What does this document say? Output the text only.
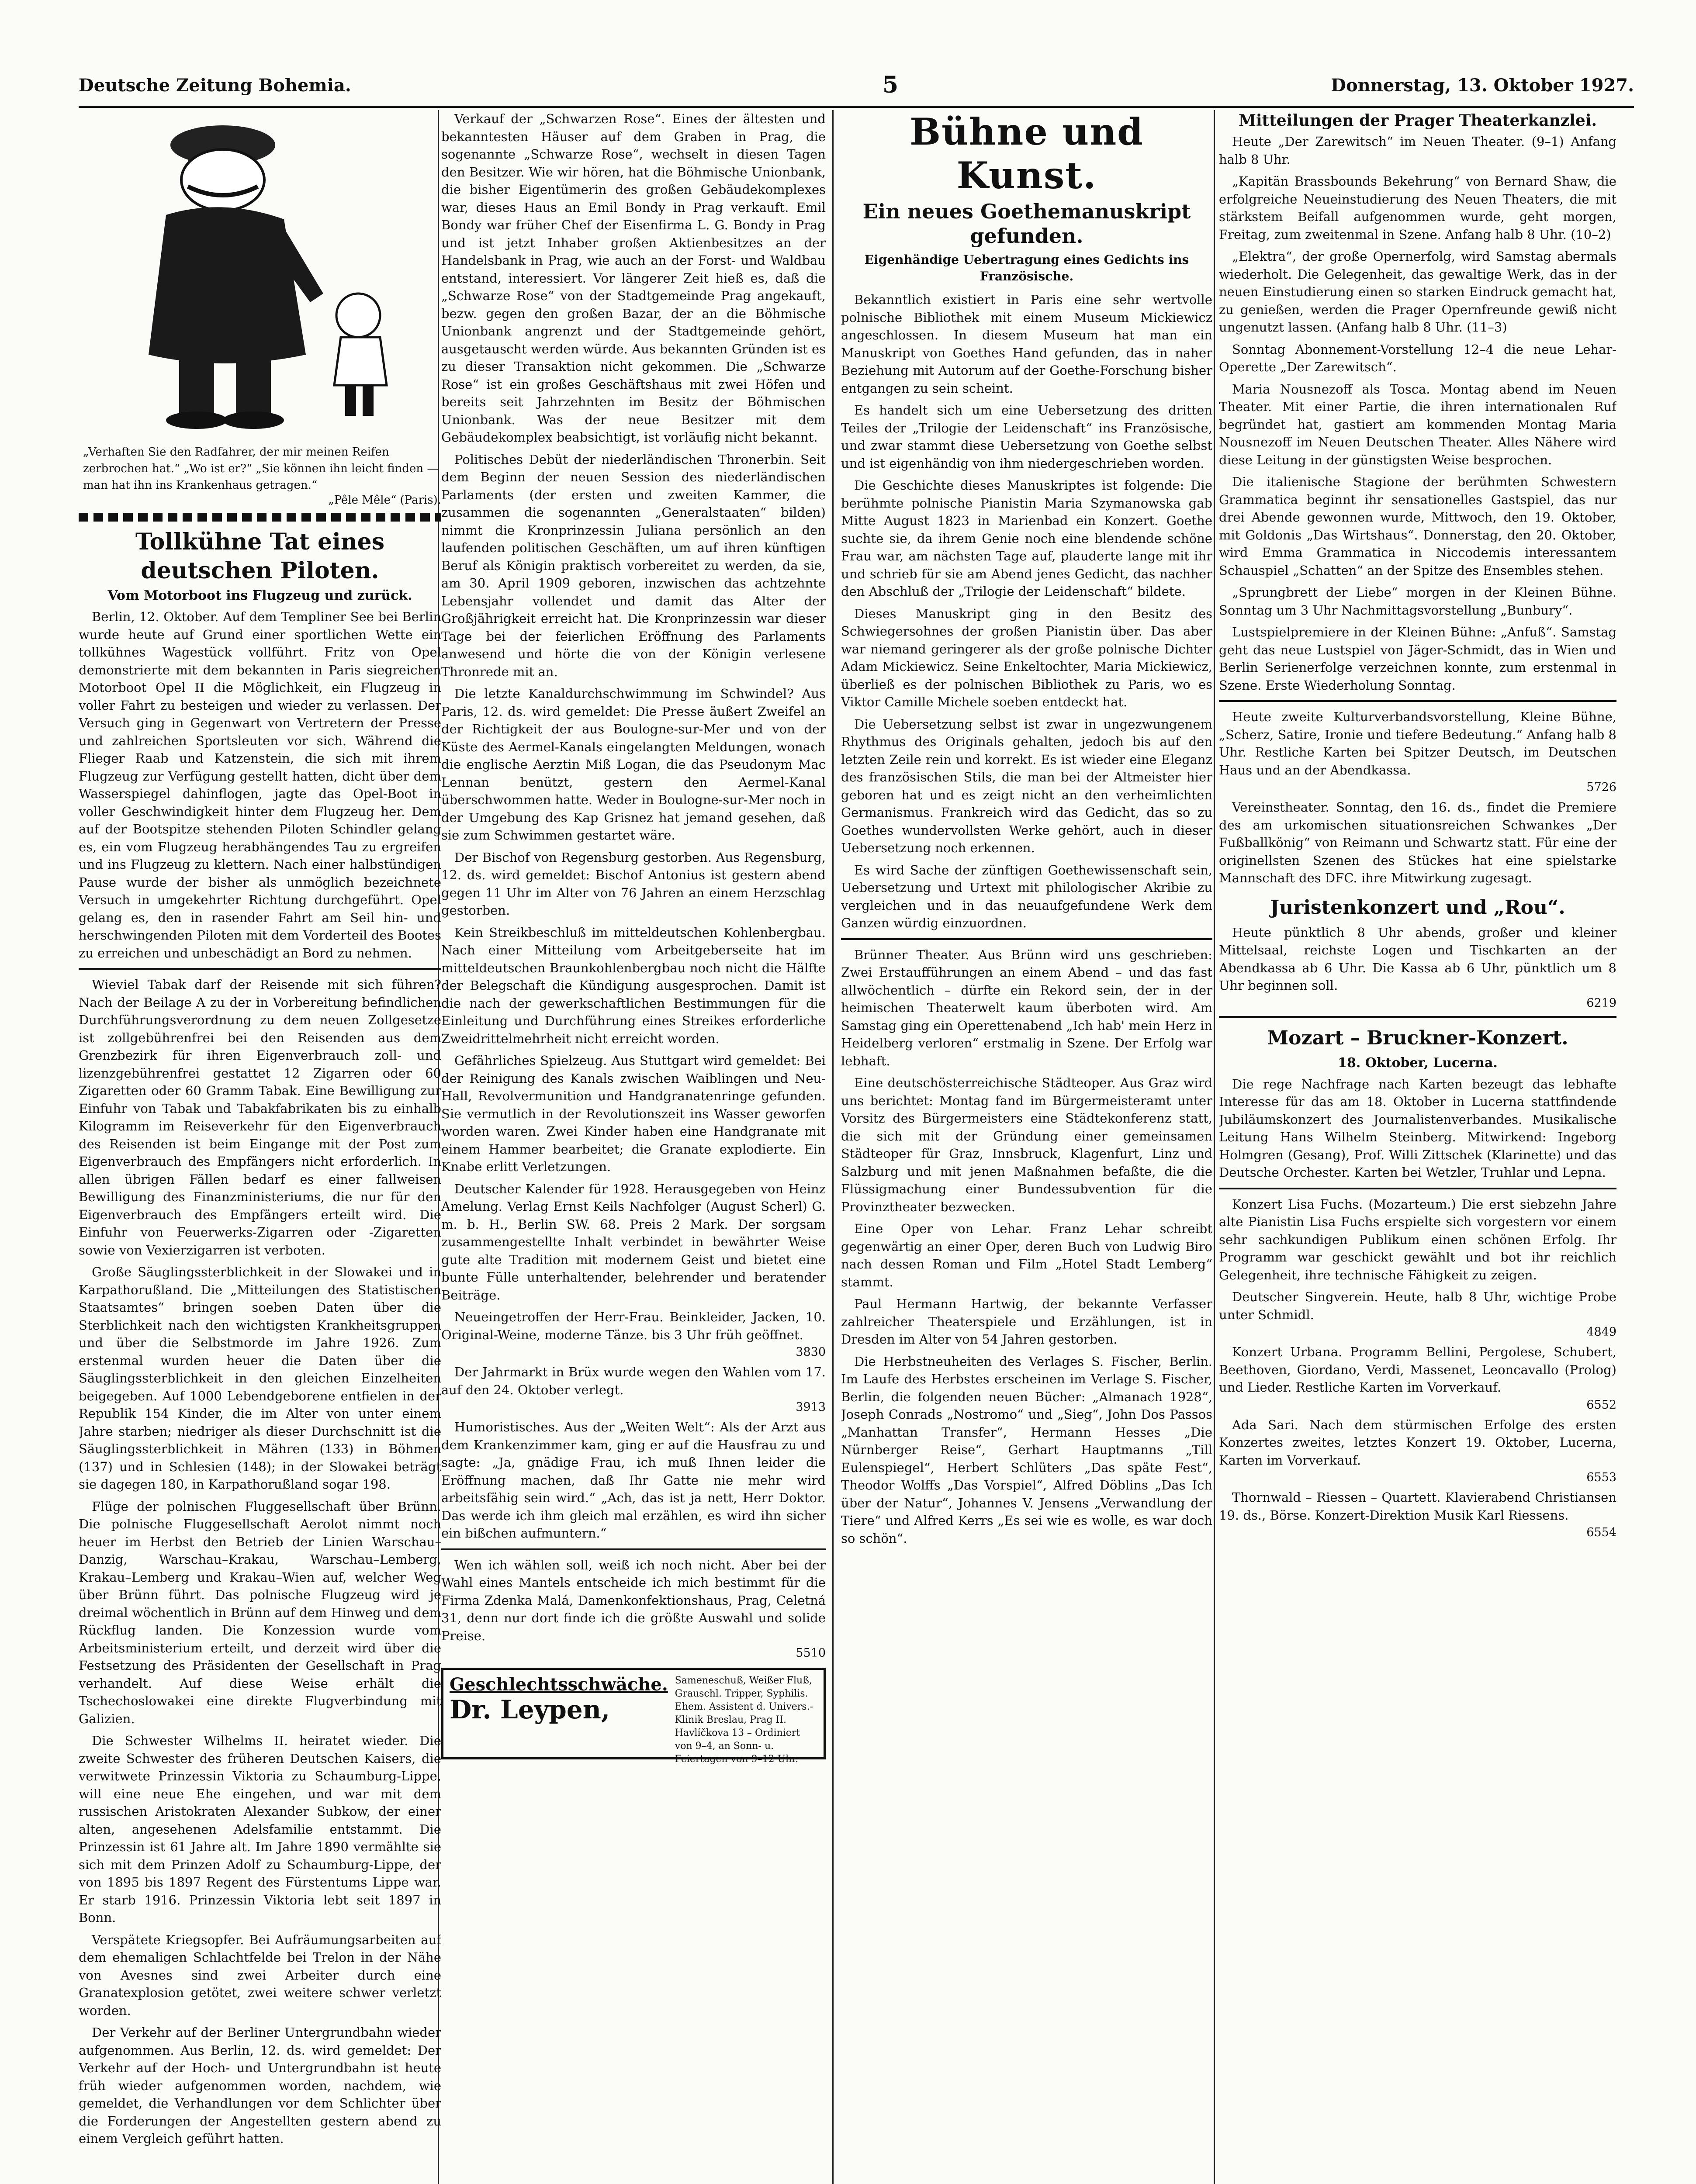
Deutsche Zeitung Bohemia.	5	Donnerstag, 13. Oktober 1927.
„Verhaften Sie den Radfahrer, der mir meinen Reifen zerbrochen hat.“ „Wo ist er?“ „Sie können ihn leicht finden — man hat ihn ins Krankenhaus getragen.“
„Pêle Mêle“ (Paris).
Tollkühne Tat eines deutschen Piloten.
Vom Motorboot ins Flugzeug und zurück.

Berlin, 12. Oktober. Auf dem Templiner See bei Berlin wurde heute auf Grund einer sportlichen Wette ein tollkühnes Wagestück vollführt. Fritz von Opel demonstrierte mit dem bekannten in Paris siegreichen Motorboot Opel II die Möglichkeit, ein Flugzeug in voller Fahrt zu besteigen und wieder zu verlassen. Der Versuch ging in Gegenwart von Vertretern der Presse und zahlreichen Sportsleuten vor sich. Während die Flieger Raab und Katzenstein, die sich mit ihrem Flugzeug zur Verfügung gestellt hatten, dicht über dem Wasserspiegel dahinflogen, jagte das Opel-Boot in voller Geschwindigkeit hinter dem Flugzeug her. Dem auf der Bootspitze stehenden Piloten Schindler gelang es, ein vom Flugzeug herabhängendes Tau zu ergreifen und ins Flugzeug zu klettern. Nach einer halbstündigen Pause wurde der bisher als unmöglich bezeichnete Versuch in umgekehrter Richtung durchgeführt. Opel gelang es, den in rasender Fahrt am Seil hin- und herschwingenden Piloten mit dem Vorderteil des Bootes zu erreichen und unbeschädigt an Bord zu nehmen.

Wieviel Tabak darf der Reisende mit sich führen? Nach der Beilage A zu der in Vorbereitung befindlichen Durchführungsverordnung zu dem neuen Zollgesetze ist zollgebührenfrei bei den Reisenden aus dem Grenzbezirk für ihren Eigenverbrauch zoll- und lizenzgebührenfrei gestattet 12 Zigarren oder 60 Zigaretten oder 60 Gramm Tabak. Eine Bewilligung zur Einfuhr von Tabak und Tabakfabrikaten bis zu einhalb Kilogramm im Reiseverkehr für den Eigenverbrauch des Reisenden ist beim Eingange mit der Post zum Eigenverbrauch des Empfängers nicht erforderlich. In allen übrigen Fällen bedarf es einer fallweisen Bewilligung des Finanzministeriums, die nur für den Eigenverbrauch des Empfängers erteilt wird. Die Einfuhr von Feuerwerks-Zigarren oder -Zigaretten sowie von Vexierzigarren ist verboten.

Große Säuglingssterblichkeit in der Slowakei und in Karpathorußland. Die „Mitteilungen des Statistischen Staatsamtes“ bringen soeben Daten über die Sterblichkeit nach den wichtigsten Krankheitsgruppen und über die Selbstmorde im Jahre 1926. Zum erstenmal wurden heuer die Daten über die Säuglingssterblichkeit in den gleichen Einzelheiten beigegeben. Auf 1000 Lebendgeborene entfielen in der Republik 154 Kinder, die im Alter von unter einem Jahre starben; niedriger als dieser Durchschnitt ist die Säuglingssterblichkeit in Mähren (133) in Böhmen (137) und in Schlesien (148); in der Slowakei beträgt sie dagegen 180, in Karpathorußland sogar 198.

Flüge der polnischen Fluggesellschaft über Brünn. Die polnische Fluggesellschaft Aerolot nimmt noch heuer im Herbst den Betrieb der Linien Warschau–Danzig, Warschau–Krakau, Warschau–Lemberg, Krakau–Lemberg und Krakau–Wien auf, welcher Weg über Brünn führt. Das polnische Flugzeug wird je dreimal wöchentlich in Brünn auf dem Hinweg und dem Rückflug landen. Die Konzession wurde vom Arbeitsministerium erteilt, und derzeit wird über die Festsetzung des Präsidenten der Gesellschaft in Prag verhandelt. Auf diese Weise erhält die Tschechoslowakei eine direkte Flugverbindung mit Galizien.

Die Schwester Wilhelms II. heiratet wieder. Die zweite Schwester des früheren Deutschen Kaisers, die verwitwete Prinzessin Viktoria zu Schaumburg-Lippe, will eine neue Ehe eingehen, und war mit dem russischen Aristokraten Alexander Subkow, der einer alten, angesehenen Adelsfamilie entstammt. Die Prinzessin ist 61 Jahre alt. Im Jahre 1890 vermählte sie sich mit dem Prinzen Adolf zu Schaumburg-Lippe, der von 1895 bis 1897 Regent des Fürstentums Lippe war. Er starb 1916. Prinzessin Viktoria lebt seit 1897 in Bonn.

Verspätete Kriegsopfer. Bei Aufräumungsarbeiten auf dem ehemaligen Schlachtfelde bei Trelon in der Nähe von Avesnes sind zwei Arbeiter durch eine Granatexplosion getötet, zwei weitere schwer verletzt worden.

Der Verkehr auf der Berliner Untergrundbahn wieder aufgenommen. Aus Berlin, 12. ds. wird gemeldet: Der Verkehr auf der Hoch- und Untergrundbahn ist heute früh wieder aufgenommen worden, nachdem, wie gemeldet, die Verhandlungen vor dem Schlichter über die Forderungen der Angestellten gestern abend zu einem Vergleich geführt hatten.

Verkauf der „Schwarzen Rose“. Eines der ältesten und bekanntesten Häuser auf dem Graben in Prag, die sogenannte „Schwarze Rose“, wechselt in diesen Tagen den Besitzer. Wie wir hören, hat die Böhmische Unionbank, die bisher Eigentümerin des großen Gebäudekomplexes war, dieses Haus an Emil Bondy in Prag verkauft. Emil Bondy war früher Chef der Eisenfirma L. G. Bondy in Prag und ist jetzt Inhaber großen Aktienbesitzes an der Handelsbank in Prag, wie auch an der Forst- und Waldbau entstand, interessiert. Vor längerer Zeit hieß es, daß die „Schwarze Rose“ von der Stadtgemeinde Prag angekauft, bezw. gegen den großen Bazar, der an die Böhmische Unionbank angrenzt und der Stadtgemeinde gehört, ausgetauscht werden würde. Aus bekannten Gründen ist es zu dieser Transaktion nicht gekommen. Die „Schwarze Rose“ ist ein großes Geschäftshaus mit zwei Höfen und bereits seit Jahrzehnten im Besitz der Böhmischen Unionbank. Was der neue Besitzer mit dem Gebäudekomplex beabsichtigt, ist vorläufig nicht bekannt.

Politisches Debüt der niederländischen Thronerbin. Seit dem Beginn der neuen Session des niederländischen Parlaments (der ersten und zweiten Kammer, die zusammen die sogenannten „Generalstaaten“ bilden) nimmt die Kronprinzessin Juliana persönlich an den laufenden politischen Geschäften, um auf ihren künftigen Beruf als Königin praktisch vorbereitet zu werden, da sie, am 30. April 1909 geboren, inzwischen das achtzehnte Lebensjahr vollendet und damit das Alter der Großjährigkeit erreicht hat. Die Kronprinzessin war dieser Tage bei der feierlichen Eröffnung des Parlaments anwesend und hörte die von der Königin verlesene Thronrede mit an.

Die letzte Kanaldurchschwimmung im Schwindel? Aus Paris, 12. ds. wird gemeldet: Die Presse äußert Zweifel an der Richtigkeit der aus Boulogne-sur-Mer und von der Küste des Aermel-Kanals eingelangten Meldungen, wonach die englische Aerztin Miß Logan, die das Pseudonym Mac Lennan benützt, gestern den Aermel-Kanal überschwommen hatte. Weder in Boulogne-sur-Mer noch in der Umgebung des Kap Grisnez hat jemand gesehen, daß sie zum Schwimmen gestartet wäre.

Der Bischof von Regensburg gestorben. Aus Regensburg, 12. ds. wird gemeldet: Bischof Antonius ist gestern abend gegen 11 Uhr im Alter von 76 Jahren an einem Herzschlag gestorben.

Kein Streikbeschluß im mitteldeutschen Kohlenbergbau. Nach einer Mitteilung vom Arbeitgeberseite hat im mitteldeutschen Braunkohlenbergbau noch nicht die Hälfte der Belegschaft die Kündigung ausgesprochen. Damit ist die nach der gewerkschaftlichen Bestimmungen für die Einleitung und Durchführung eines Streikes erforderliche Zweidrittelmehrheit nicht erreicht worden.

Gefährliches Spielzeug. Aus Stuttgart wird gemeldet: Bei der Reinigung des Kanals zwischen Waiblingen und Neu-Hall, Revolvermunition und Handgranatenringe gefunden. Sie vermutlich in der Revolutionszeit ins Wasser geworfen worden waren. Zwei Kinder haben eine Handgranate mit einem Hammer bearbeitet; die Granate explodierte. Ein Knabe erlitt Verletzungen.

Deutscher Kalender für 1928. Herausgegeben von Heinz Amelung. Verlag Ernst Keils Nachfolger (August Scherl) G. m. b. H., Berlin SW. 68. Preis 2 Mark. Der sorgsam zusammengestellte Inhalt verbindet in bewährter Weise gute alte Tradition mit modernem Geist und bietet eine bunte Fülle unterhaltender, belehrender und beratender Beiträge.

Neueingetroffen der Herr-Frau. Beinkleider, Jacken, 10. Original-Weine, moderne Tänze. bis 3 Uhr früh geöffnet.

3830

Der Jahrmarkt in Brüx wurde wegen den Wahlen vom 17. auf den 24. Oktober verlegt.

3913

Humoristisches. Aus der „Weiten Welt“: Als der Arzt aus dem Krankenzimmer kam, ging er auf die Hausfrau zu und sagte: „Ja, gnädige Frau, ich muß Ihnen leider die Eröffnung machen, daß Ihr Gatte nie mehr wird arbeitsfähig sein wird.“ „Ach, das ist ja nett, Herr Doktor. Das werde ich ihm gleich mal erzählen, es wird ihn sicher ein bißchen aufmuntern.“

Wen ich wählen soll, weiß ich noch nicht. Aber bei der Wahl eines Mantels entscheide ich mich bestimmt für die Firma Zdenka Malá, Damenkonfektionshaus, Prag, Celetná 31, denn nur dort finde ich die größte Auswahl und solide Preise.

5510
Geschlechtsschwäche.
Dr. Leypen,
Sameneschuß, Weißer Fluß, Grauschl. Tripper, Syphilis. Ehem. Assistent d. Univers.-Klinik Breslau, Prag II. Havlíčkova 13 – Ordiniert von 9–4, an Sonn- u. Feiertagen von 9–12 Uhr.
Bühne und Kunst.
Ein neues Goethemanuskript gefunden.
Eigenhändige Uebertragung eines Gedichts ins Französische.

Bekanntlich existiert in Paris eine sehr wertvolle polnische Bibliothek mit einem Museum Mickiewicz angeschlossen. In diesem Museum hat man ein Manuskript von Goethes Hand gefunden, das in naher Beziehung mit Autorum auf der Goethe-Forschung bisher entgangen zu sein scheint.

Es handelt sich um eine Uebersetzung des dritten Teiles der „Trilogie der Leidenschaft“ ins Französische, und zwar stammt diese Uebersetzung von Goethe selbst und ist eigenhändig von ihm niedergeschrieben worden.

Die Geschichte dieses Manuskriptes ist folgende: Die berühmte polnische Pianistin Maria Szymanowska gab Mitte August 1823 in Marienbad ein Konzert. Goethe suchte sie, da ihrem Genie noch eine blendende schöne Frau war, am nächsten Tage auf, plauderte lange mit ihr und schrieb für sie am Abend jenes Gedicht, das nachher den Abschluß der „Trilogie der Leidenschaft“ bildete.

Dieses Manuskript ging in den Besitz des Schwiegersohnes der großen Pianistin über. Das aber war niemand geringerer als der große polnische Dichter Adam Mickiewicz. Seine Enkeltochter, Maria Mickiewicz, überließ es der polnischen Bibliothek zu Paris, wo es Viktor Camille Michele soeben entdeckt hat.

Die Uebersetzung selbst ist zwar in ungezwungenem Rhythmus des Originals gehalten, jedoch bis auf den letzten Zeile rein und korrekt. Es ist wieder eine Eleganz des französischen Stils, die man bei der Altmeister hier geboren hat und es zeigt nicht an den verheimlichten Germanismus. Frankreich wird das Gedicht, das so zu Goethes wundervollsten Werke gehört, auch in dieser Uebersetzung noch erkennen.

Es wird Sache der zünftigen Goethewissenschaft sein, Uebersetzung und Urtext mit philologischer Akribie zu vergleichen und in das neuaufgefundene Werk dem Ganzen würdig einzuordnen.

Brünner Theater. Aus Brünn wird uns geschrieben: Zwei Erstaufführungen an einem Abend – und das fast allwöchentlich – dürfte ein Rekord sein, der in der heimischen Theaterwelt kaum überboten wird. Am Samstag ging ein Operettenabend „Ich hab' mein Herz in Heidelberg verloren“ erstmalig in Szene. Der Erfolg war lebhaft.

Eine deutschösterreichische Städteoper. Aus Graz wird uns berichtet: Montag fand im Bürgermeisteramt unter Vorsitz des Bürgermeisters eine Städtekonferenz statt, die sich mit der Gründung einer gemeinsamen Städteoper für Graz, Innsbruck, Klagenfurt, Linz und Salzburg und mit jenen Maßnahmen befaßte, die die Flüssigmachung einer Bundessubvention für die Provinztheater bezwecken.

Eine Oper von Lehar. Franz Lehar schreibt gegenwärtig an einer Oper, deren Buch von Ludwig Biro nach dessen Roman und Film „Hotel Stadt Lemberg“ stammt.

Paul Hermann Hartwig, der bekannte Verfasser zahlreicher Theaterspiele und Erzählungen, ist in Dresden im Alter von 54 Jahren gestorben.

Die Herbstneuheiten des Verlages S. Fischer, Berlin. Im Laufe des Herbstes erscheinen im Verlage S. Fischer, Berlin, die folgenden neuen Bücher: „Almanach 1928“, Joseph Conrads „Nostromo“ und „Sieg“, John Dos Passos „Manhattan Transfer“, Hermann Hesses „Die Nürnberger Reise“, Gerhart Hauptmanns „Till Eulenspiegel“, Herbert Schlüters „Das späte Fest“, Theodor Wolffs „Das Vorspiel“, Alfred Döblins „Das Ich über der Natur“, Johannes V. Jensens „Verwandlung der Tiere“ und Alfred Kerrs „Es sei wie es wolle, es war doch so schön“.

Mitteilungen der Prager Theaterkanzlei.

Heute „Der Zarewitsch“ im Neuen Theater. (9–1) Anfang halb 8 Uhr.

„Kapitän Brassbounds Bekehrung“ von Bernard Shaw, die erfolgreiche Neueinstudierung des Neuen Theaters, die mit stärkstem Beifall aufgenommen wurde, geht morgen, Freitag, zum zweitenmal in Szene. Anfang halb 8 Uhr. (10–2)

„Elektra“, der große Opernerfolg, wird Samstag abermals wiederholt. Die Gelegenheit, das gewaltige Werk, das in der neuen Einstudierung einen so starken Eindruck gemacht hat, zu genießen, werden die Prager Opernfreunde gewiß nicht ungenutzt lassen. (Anfang halb 8 Uhr. (11–3)

Sonntag Abonnement-Vorstellung 12–4 die neue Lehar-Operette „Der Zarewitsch“.

Maria Nousnezoff als Tosca. Montag abend im Neuen Theater. Mit einer Partie, die ihren internationalen Ruf begründet hat, gastiert am kommenden Montag Maria Nousnezoff im Neuen Deutschen Theater. Alles Nähere wird diese Leitung in der günstigsten Weise besprochen.

Die italienische Stagione der berühmten Schwestern Grammatica beginnt ihr sensationelles Gastspiel, das nur drei Abende gewonnen wurde, Mittwoch, den 19. Oktober, mit Goldonis „Das Wirtshaus“. Donnerstag, den 20. Oktober, wird Emma Grammatica in Niccodemis interessantem Schauspiel „Schatten“ an der Spitze des Ensembles stehen.

„Sprungbrett der Liebe“ morgen in der Kleinen Bühne. Sonntag um 3 Uhr Nachmittagsvorstellung „Bunbury“.

Lustspielpremiere in der Kleinen Bühne: „Anfuß“. Samstag geht das neue Lustspiel von Jäger-Schmidt, das in Wien und Berlin Serienerfolge verzeichnen konnte, zum erstenmal in Szene. Erste Wiederholung Sonntag.

Heute zweite Kulturverbandsvorstellung, Kleine Bühne, „Scherz, Satire, Ironie und tiefere Bedeutung.“ Anfang halb 8 Uhr. Restliche Karten bei Spitzer Deutsch, im Deutschen Haus und an der Abendkassa.

5726

Vereinstheater. Sonntag, den 16. ds., findet die Premiere des am urkomischen situationsreichen Schwankes „Der Fußballkönig“ von Reimann und Schwartz statt. Für eine der originellsten Szenen des Stückes hat eine spielstarke Mannschaft des DFC. ihre Mitwirkung zugesagt.

Juristenkonzert und „Rou“.

Heute pünktlich 8 Uhr abends, großer und kleiner Mittelsaal, reichste Logen und Tischkarten an der Abendkassa ab 6 Uhr. Die Kassa ab 6 Uhr, pünktlich um 8 Uhr beginnen soll.

6219
Mozart – Bruckner-Konzert.
18. Oktober, Lucerna.

Die rege Nachfrage nach Karten bezeugt das lebhafte Interesse für das am 18. Oktober in Lucerna stattfindende Jubiläumskonzert des Journalistenverbandes. Musikalische Leitung Hans Wilhelm Steinberg. Mitwirkend: Ingeborg Holmgren (Gesang), Prof. Willi Zittschek (Klarinette) und das Deutsche Orchester. Karten bei Wetzler, Truhlar und Lepna.

Konzert Lisa Fuchs. (Mozarteum.) Die erst siebzehn Jahre alte Pianistin Lisa Fuchs erspielte sich vorgestern vor einem sehr sachkundigen Publikum einen schönen Erfolg. Ihr Programm war geschickt gewählt und bot ihr reichlich Gelegenheit, ihre technische Fähigkeit zu zeigen.

Deutscher Singverein. Heute, halb 8 Uhr, wichtige Probe unter Schmidl.

4849

Konzert Urbana. Programm Bellini, Pergolese, Schubert, Beethoven, Giordano, Verdi, Massenet, Leoncavallo (Prolog) und Lieder. Restliche Karten im Vorverkauf.

6552

Ada Sari. Nach dem stürmischen Erfolge des ersten Konzertes zweites, letztes Konzert 19. Oktober, Lucerna, Karten im Vorverkauf.

6553

Thornwald – Riessen – Quartett. Klavierabend Christiansen 19. ds., Börse. Konzert-Direktion Musik Karl Riessens.

6554
